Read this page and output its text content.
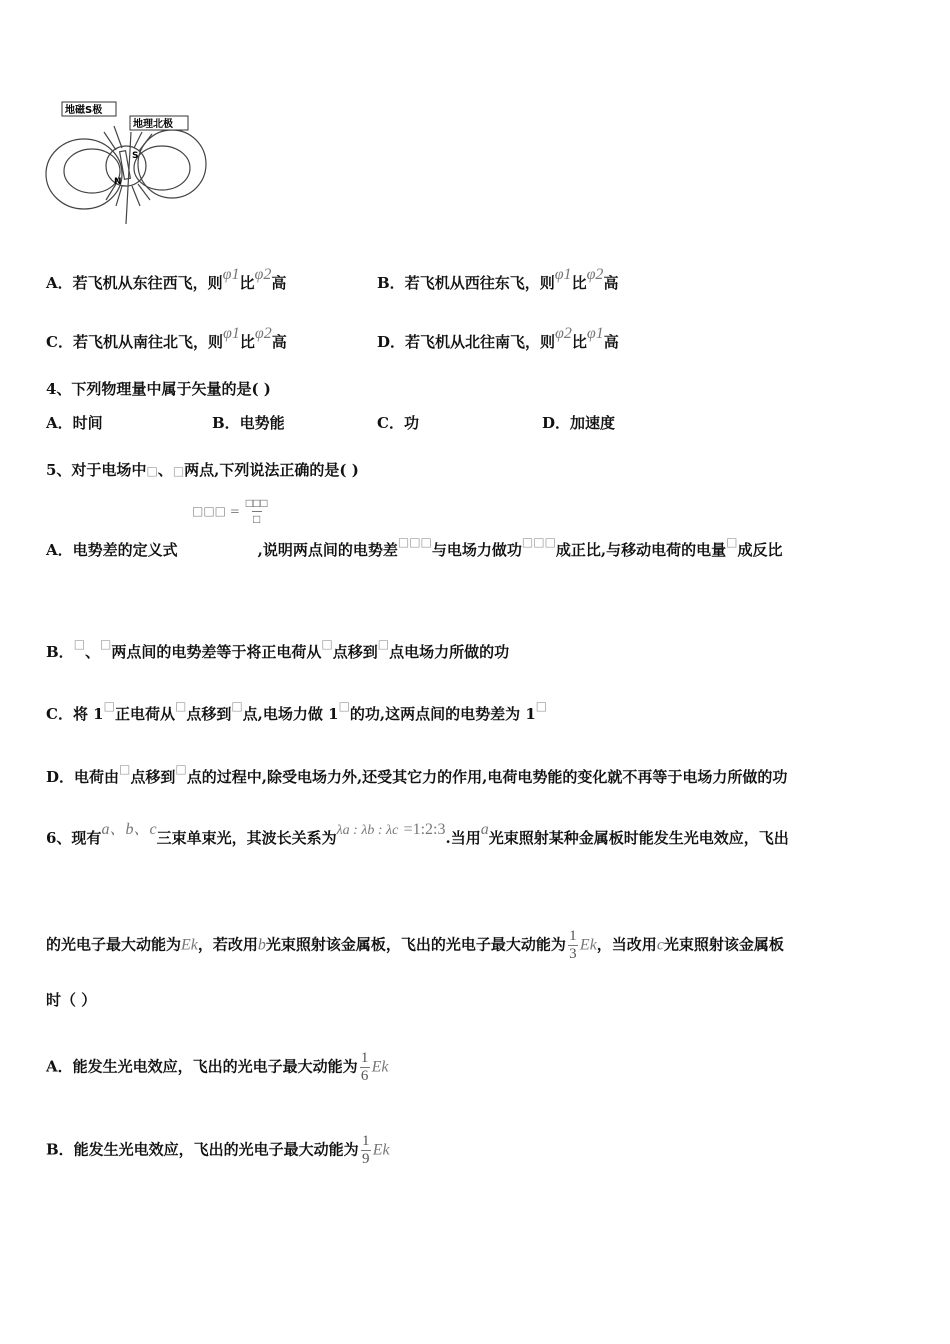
地磁S极
地理北极
S
N
A．若飞机从东往西飞，则φ1比φ2高	B．若飞机从西往东飞，则φ1比φ2高
C．若飞机从南往北飞，则φ1比φ2高	D．若飞机从北往南飞，则φ2比φ1高
4、下列物理量中属于矢量的是( )
A．时间	B．电势能	C．功	D．加速度
5、对于电场中□、□两点,下列说法正确的是( )
□□□ = $\frac{□□□}{□}$
A．电势差的定义式	,说明两点间的电势差□□□与电场力做功□□□成正比,与移动电荷的电量□成反比
B．□、□两点间的电势差等于将正电荷从□点移到□点电场力所做的功
C．将 1□正电荷从□点移到□点,电场力做 1□的功,这两点间的电势差为 1□
D．电荷由□点移到□点的过程中,除受电场力外,还受其它力的作用,电荷电势能的变化就不再等于电场力所做的功
6、现有a、b、c三束单束光，其波长关系为λa : λb : λc =1:2:3.当用a光束照射某种金属板时能发生光电效应，飞出
的光电子最大动能为Ek，若改用b光束照射该金属板，飞出的光电子最大动能为 $\frac{1}{3}$ Ek，当改用c光束照射该金属板
时（ ）
A．能发生光电效应，飞出的光电子最大动能为 $\frac{1}{6}$ Ek
B．能发生光电效应，飞出的光电子最大动能为 $\frac{1}{9}$ Ek
